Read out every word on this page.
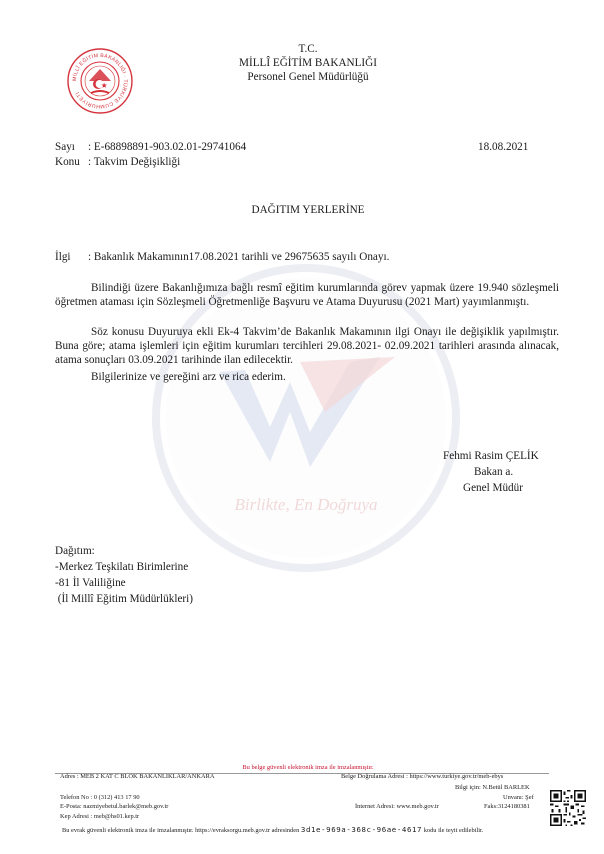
MİLLÎ EĞİTİM BAKANLIĞI · TÜRKİYE CUMHURİYETİ
Birlikte, En Doğruya
T.C.
MİLLÎ EĞİTİM BAKANLIĞI
Personel Genel Müdürlüğü
Sayı : E-68898891-903.02.01-29741064	18.08.2021
Konu : Takvim Değişikliği
DAĞITIM YERLERİNE
İlgi : Bakanlık Makamının17.08.2021 tarihli ve 29675635 sayılı Onayı.
Bilindiği üzere Bakanlığımıza bağlı resmî eğitim kurumlarında görev yapmak üzere 19.940 sözleşmeli öğretmen ataması için Sözleşmeli Öğretmenliğe Başvuru ve Atama Duyurusu (2021 Mart) yayımlanmıştı.
Söz konusu Duyuruya ekli Ek-4 Takvim’de Bakanlık Makamının ilgi Onayı ile değişiklik yapılmıştır. Buna göre; atama işlemleri için eğitim kurumları tercihleri 29.08.2021- 02.09.2021 tarihleri arasında alınacak, atama sonuçları 03.09.2021 tarihinde ilan edilecektir.
Bilgilerinize ve gereğini arz ve rica ederim.
Fehmi Rasim ÇELİK
Bakan a.
Genel Müdür
Dağıtım:
-Merkez Teşkilatı Birimlerine
-81 İl Valiliğine
(İl Millî Eğitim Müdürlükleri)
Bu belge güvenli elektronik imza ile imzalanmıştır.
Adres : MEB 2 KAT C BLOK BAKANLIKLAR/ANKARA	Belge Doğrulama Adresi : https://www.turkiye.gov.tr/meb-ebys
Bilgi için: N.Betül BARLEK
Unvanı: Şef
Telefon No : 0 (312) 413 17 90
E-Posta: nazmiyebetul.barlek@meb.gov.tr	İnternet Adresi: www.meb.gov.tr	Faks:3124180381
Kep Adresi : meb@hs01.kep.tr
Bu evrak güvenli elektronik imza ile imzalanmıştır. https://evraksorgu.meb.gov.tr adresinden 3d1e-969a-368c-96ae-4617 kodu ile teyit edilebilir.
